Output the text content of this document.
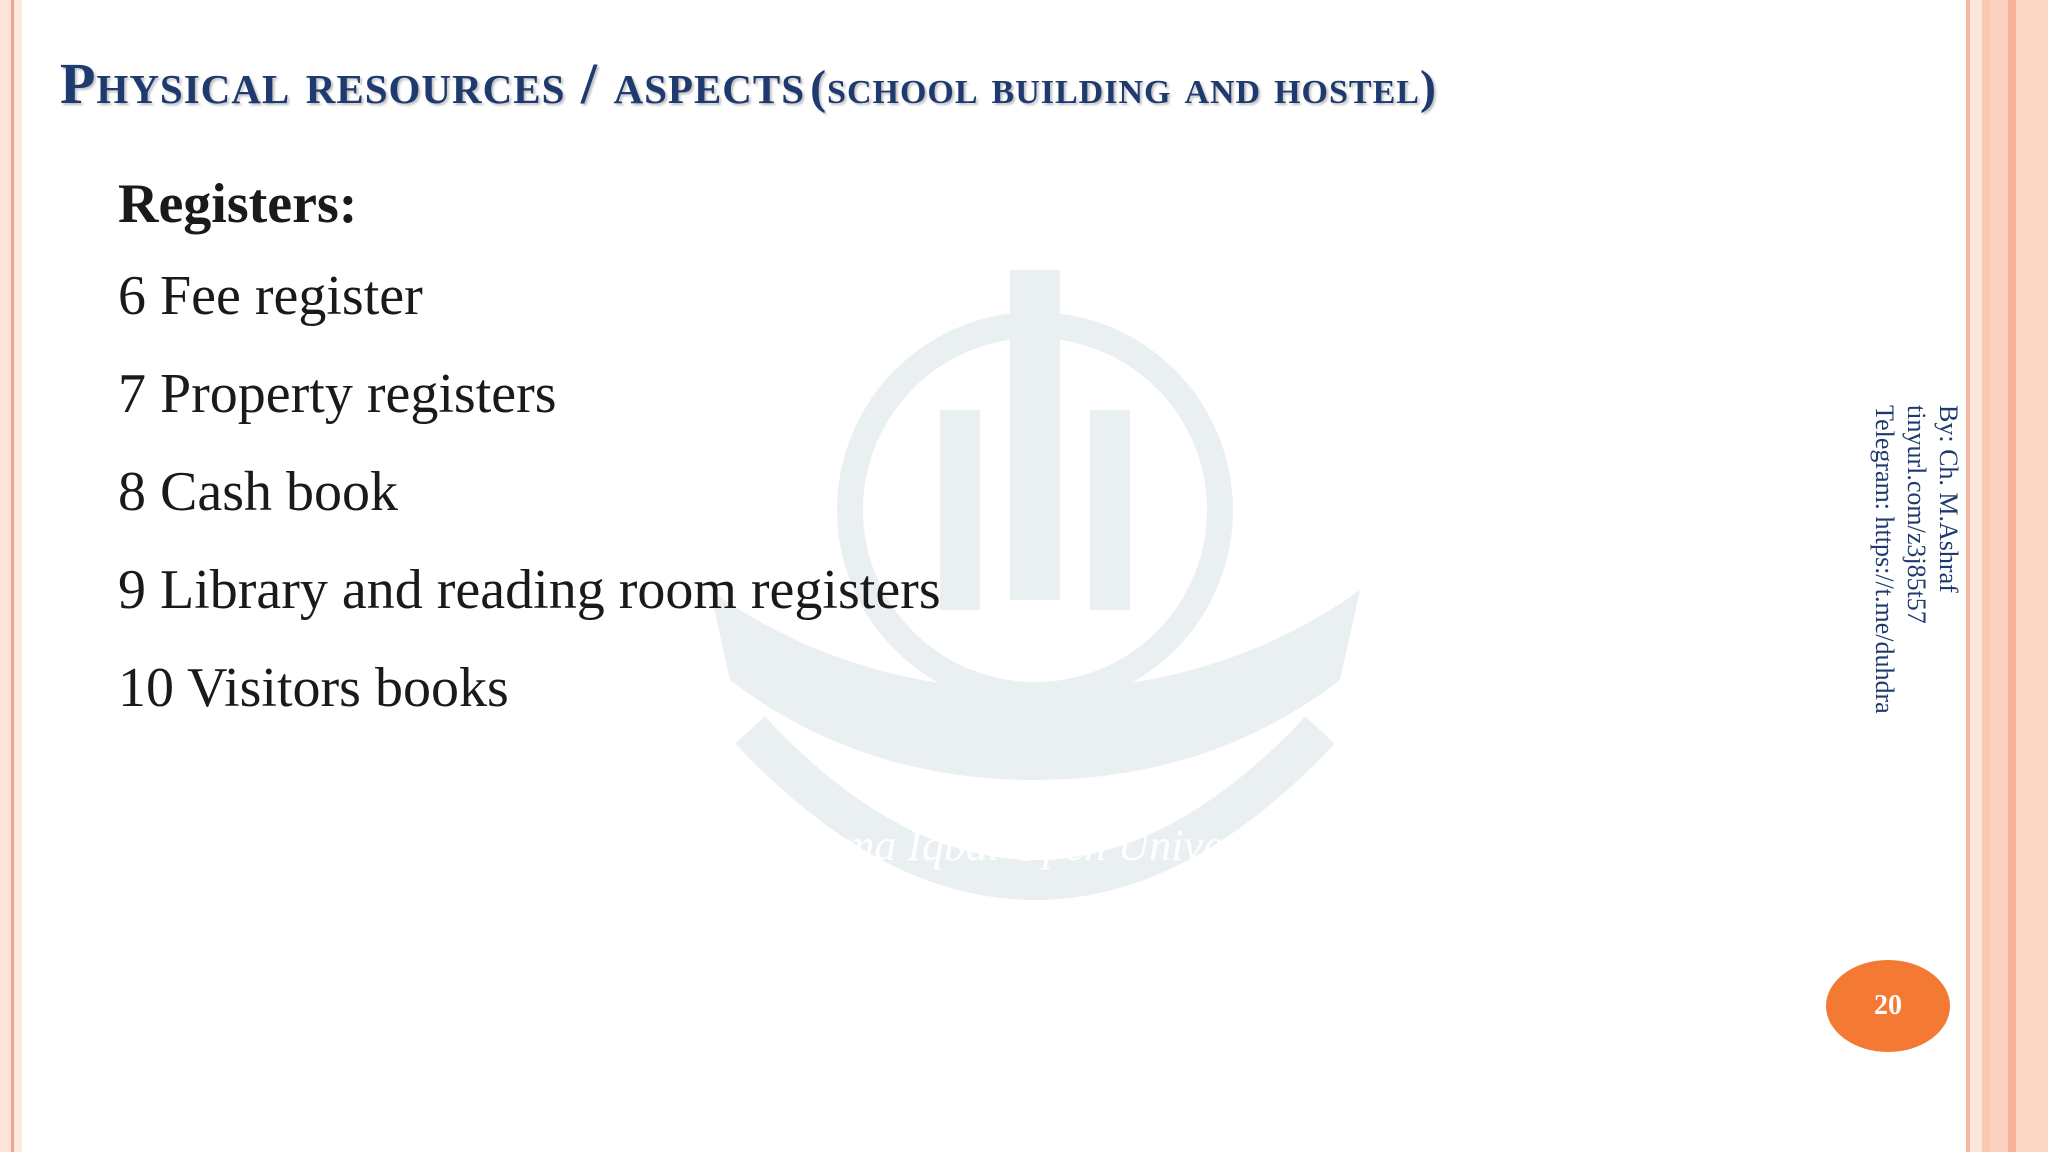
Allama Iqbal Open University
Physical resources / aspects (school building and hostel)
Registers:
6 Fee register
7 Property registers
8 Cash book
9 Library and reading room registers
10 Visitors books
By: Ch. M.Ashraf
tinyurl.com/z3j85t57
Telegram: https://t.me/duhdra
20
